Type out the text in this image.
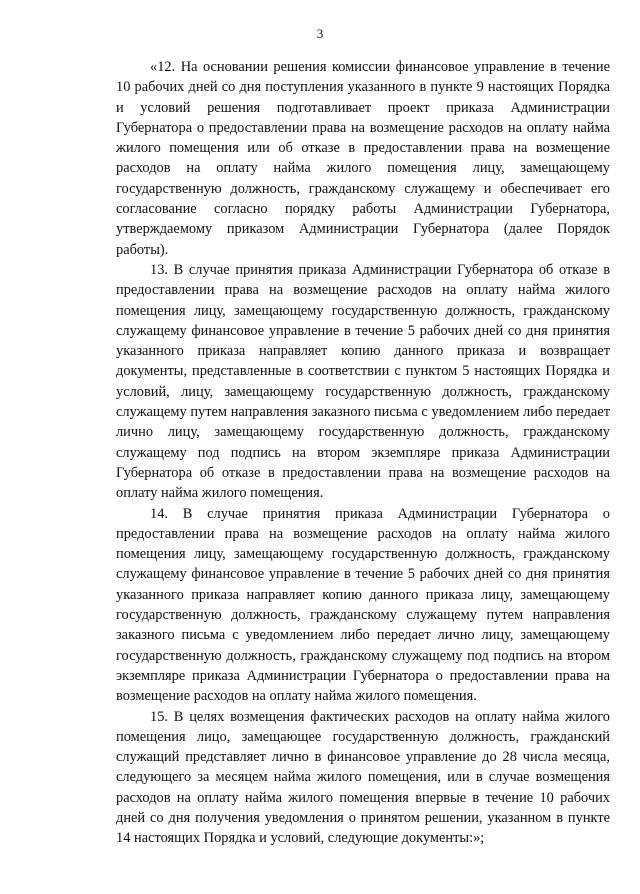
3

«12. На основании решения комиссии финансовое управление в течение 10 рабочих дней со дня поступления указанного в пункте 9 настоящих Порядка и условий решения подготавливает проект приказа Администрации Губернатора о предоставлении права на возмещение расходов на оплату найма жилого помещения или об отказе в предоставлении права на возмещение расходов на оплату найма жилого помещения лицу, замещающему государственную должность, гражданскому служащему и обеспечивает его согласование согласно порядку работы Администрации Губернатора, утверждаемому приказом Администрации Губернатора (далее Порядок работы).

13. В случае принятия приказа Администрации Губернатора об отказе в предоставлении права на возмещение расходов на оплату найма жилого помещения лицу, замещающему государственную должность, гражданскому служащему финансовое управление в течение 5 рабочих дней со дня принятия указанного приказа направляет копию данного приказа и возвращает документы, представленные в соответствии с пунктом 5 настоящих Порядка и условий, лицу, замещающему государственную должность, гражданскому служащему путем направления заказного письма с уведомлением либо передает лично лицу, замещающему государственную должность, гражданскому служащему под подпись на втором экземпляре приказа Администрации Губернатора об отказе в предоставлении права на возмещение расходов на оплату найма жилого помещения.

14. В случае принятия приказа Администрации Губернатора о предоставлении права на возмещение расходов на оплату найма жилого помещения лицу, замещающему государственную должность, гражданскому служащему финансовое управление в течение 5 рабочих дней со дня принятия указанного приказа направляет копию данного приказа лицу, замещающему государственную должность, гражданскому служащему путем направления заказного письма с уведомлением либо передает лично лицу, замещающему государственную должность, гражданскому служащему под подпись на втором экземпляре приказа Администрации Губернатора о предоставлении права на возмещение расходов на оплату найма жилого помещения.

15. В целях возмещения фактических расходов на оплату найма жилого помещения лицо, замещающее государственную должность, гражданский служащий представляет лично в финансовое управление до 28 числа месяца, следующего за месяцем найма жилого помещения, или в случае возмещения расходов на оплату найма жилого помещения впервые в течение 10 рабочих дней со дня получения уведомления о принятом решении, указанном в пункте 14 настоящих Порядка и условий, следующие документы:»;
